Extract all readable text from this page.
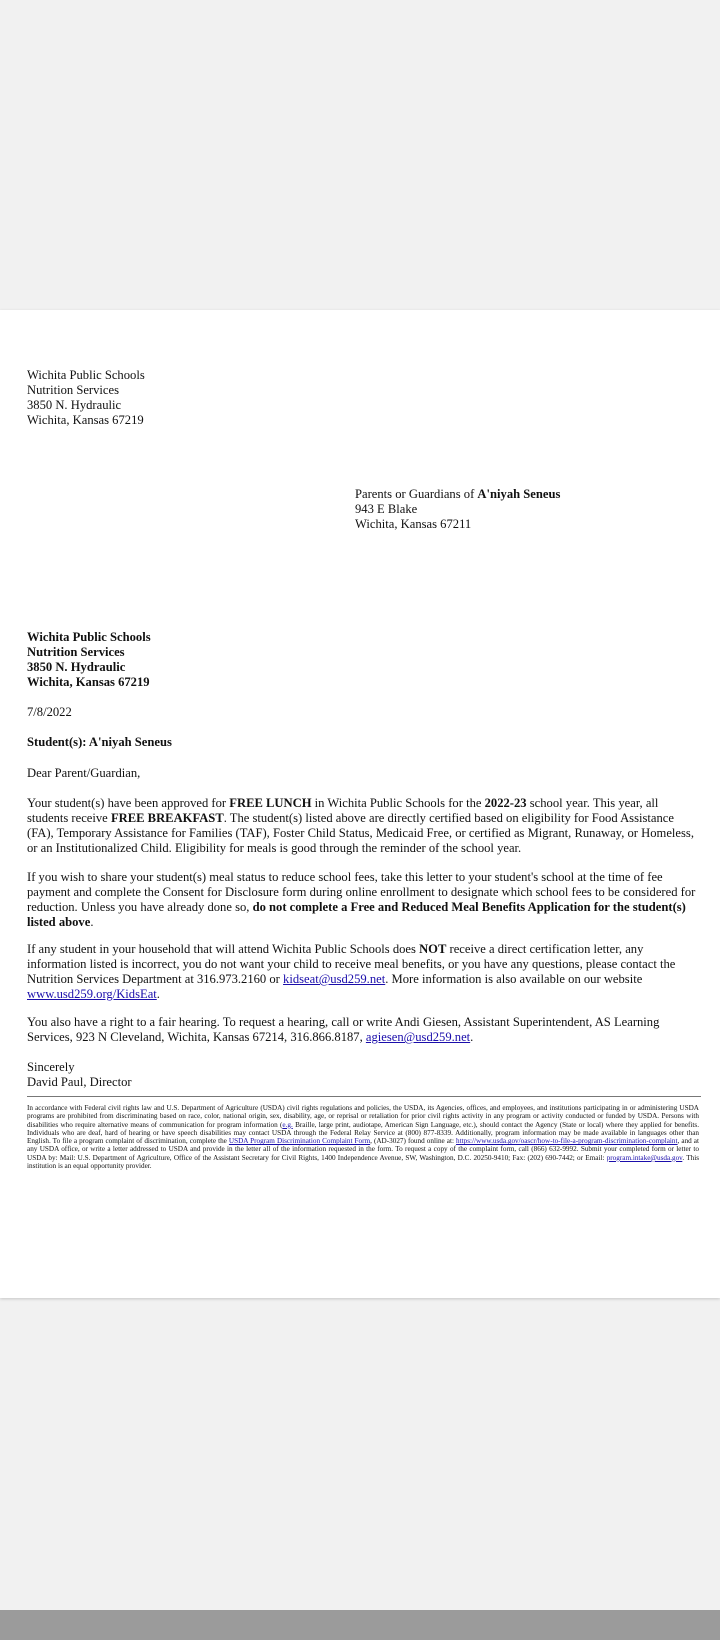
Wichita Public Schools
Nutrition Services
3850 N. Hydraulic
Wichita, Kansas 67219
Parents or Guardians of A'niyah Seneus
943 E Blake
Wichita, Kansas 67211
Wichita Public Schools
Nutrition Services
3850 N. Hydraulic
Wichita, Kansas 67219
7/8/2022
Student(s): A'niyah Seneus
Dear Parent/Guardian,

Your student(s) have been approved for FREE LUNCH in Wichita Public Schools for the 2022-23 school year. This year, all students receive FREE BREAKFAST. The student(s) listed above are directly certified based on eligibility for Food Assistance (FA), Temporary Assistance for Families (TAF), Foster Child Status, Medicaid Free, or certified as Migrant, Runaway, or Homeless, or an Institutionalized Child. Eligibility for meals is good through the reminder of the school year.

If you wish to share your student(s) meal status to reduce school fees, take this letter to your student's school at the time of fee payment and complete the Consent for Disclosure form during online enrollment to designate which school fees to be considered for reduction. Unless you have already done so, do not complete a Free and Reduced Meal Benefits Application for the student(s) listed above.

If any student in your household that will attend Wichita Public Schools does NOT receive a direct certification letter, any information listed is incorrect, you do not want your child to receive meal benefits, or you have any questions, please contact the Nutrition Services Department at 316.973.2160 or kidseat@usd259.net. More information is also available on our website www.usd259.org/KidsEat.

You also have a right to a fair hearing. To request a hearing, call or write Andi Giesen, Assistant Superintendent, AS Learning Services, 923 N Cleveland, Wichita, Kansas 67214, 316.866.8187, agiesen@usd259.net.

Sincerely
David Paul, Director

In accordance with Federal civil rights law and U.S. Department of Agriculture (USDA) civil rights regulations and policies, the USDA, its Agencies, offices, and employees, and institutions participating in or administering USDA programs are prohibited from discriminating based on race, color, national origin, sex, disability, age, or reprisal or retaliation for prior civil rights activity in any program or activity conducted or funded by USDA. Persons with disabilities who require alternative means of communication for program information (e.g. Braille, large print, audiotape, American Sign Language, etc.), should contact the Agency (State or local) where they applied for benefits. Individuals who are deaf, hard of hearing or have speech disabilities may contact USDA through the Federal Relay Service at (800) 877-8339. Additionally, program information may be made available in languages other than English. To file a program complaint of discrimination, complete the USDA Program Discrimination Complaint Form, (AD-3027) found online at: https://www.usda.gov/oascr/how-to-file-a-program-discrimination-complaint, and at any USDA office, or write a letter addressed to USDA and provide in the letter all of the information requested in the form. To request a copy of the complaint form, call (866) 632-9992. Submit your completed form or letter to USDA by: Mail: U.S. Department of Agriculture, Office of the Assistant Secretary for Civil Rights, 1400 Independence Avenue, SW, Washington, D.C. 20250-9410; Fax: (202) 690-7442; or Email: program.intake@usda.gov. This institution is an equal opportunity provider.
